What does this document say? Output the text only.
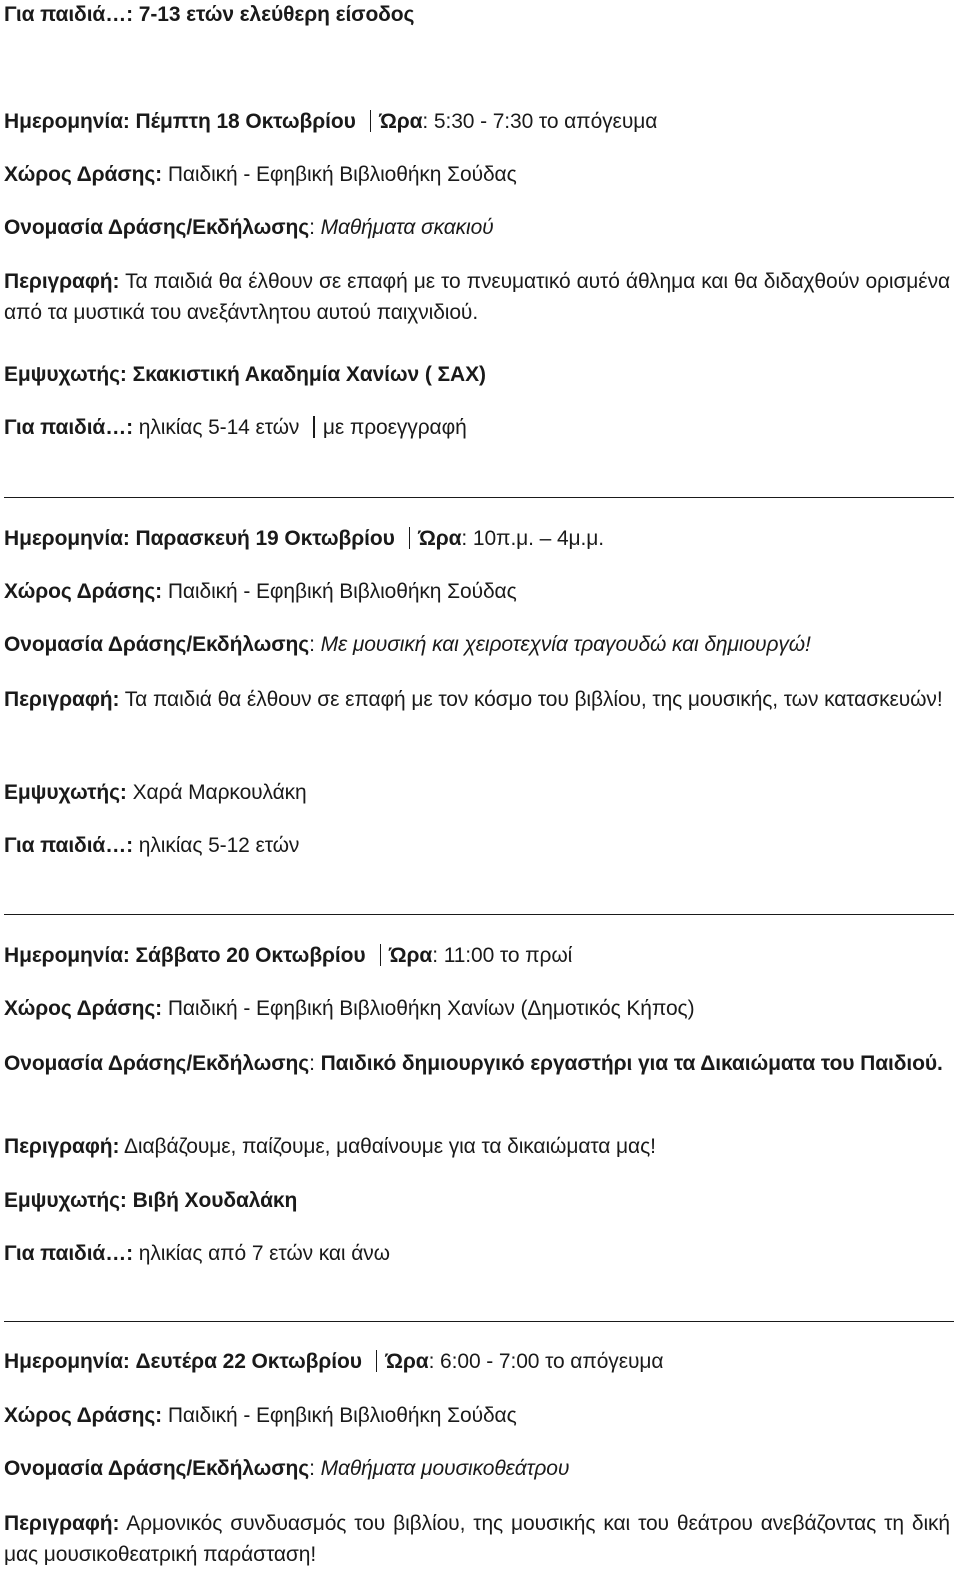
Για παιδιά…: 7-13 ετών ελεύθερη είσοδος
Ημερομηνία: Πέμπτη 18 Οκτωβρίου Ώρα: 5:30 - 7:30 το απόγευμα
Χώρος Δράσης: Παιδική - Εφηβική Βιβλιοθήκη Σούδας
Ονομασία Δράσης/Εκδήλωσης: Μαθήματα σκακιού
Περιγραφή: Τα παιδιά θα έλθουν σε επαφή με το πνευματικό αυτό άθλημα και θα διδαχθούν ορισμένα από τα μυστικά του ανεξάντλητου αυτού παιχνιδιού.
Εμψυχωτής: Σκακιστική Ακαδημία Χανίων ( ΣΑΧ)
Για παιδιά…: ηλικίας 5-14 ετών με προεγγραφή
Ημερομηνία: Παρασκευή 19 Οκτωβρίου Ώρα: 10π.μ. – 4μ.μ.
Χώρος Δράσης: Παιδική - Εφηβική Βιβλιοθήκη Σούδας
Ονομασία Δράσης/Εκδήλωσης: Με μουσική και χειροτεχνία τραγουδώ και δημιουργώ!
Περιγραφή: Τα παιδιά θα έλθουν σε επαφή με τον κόσμο του βιβλίου, της μουσικής, των κατασκευών!
Εμψυχωτής: Χαρά Μαρκουλάκη
Για παιδιά…: ηλικίας 5-12 ετών
Ημερομηνία: Σάββατο 20 Οκτωβρίου Ώρα: 11:00 το πρωί
Χώρος Δράσης: Παιδική - Εφηβική Βιβλιοθήκη Χανίων (Δημοτικός Κήπος)
Ονομασία Δράσης/Εκδήλωσης: Παιδικό δημιουργικό εργαστήρι για τα Δικαιώματα του Παιδιού.
Περιγραφή: Διαβάζουμε, παίζουμε, μαθαίνουμε για τα δικαιώματα μας!
Εμψυχωτής: Βιβή Χουδαλάκη
Για παιδιά…: ηλικίας από 7 ετών και άνω
Ημερομηνία: Δευτέρα 22 Οκτωβρίου Ώρα: 6:00 - 7:00 το απόγευμα
Χώρος Δράσης: Παιδική - Εφηβική Βιβλιοθήκη Σούδας
Ονομασία Δράσης/Εκδήλωσης: Μαθήματα μουσικοθεάτρου
Περιγραφή: Αρμονικός συνδυασμός του βιβλίου, της μουσικής και του θεάτρου ανεβάζοντας τη δική μας μουσικοθεατρική παράσταση!
